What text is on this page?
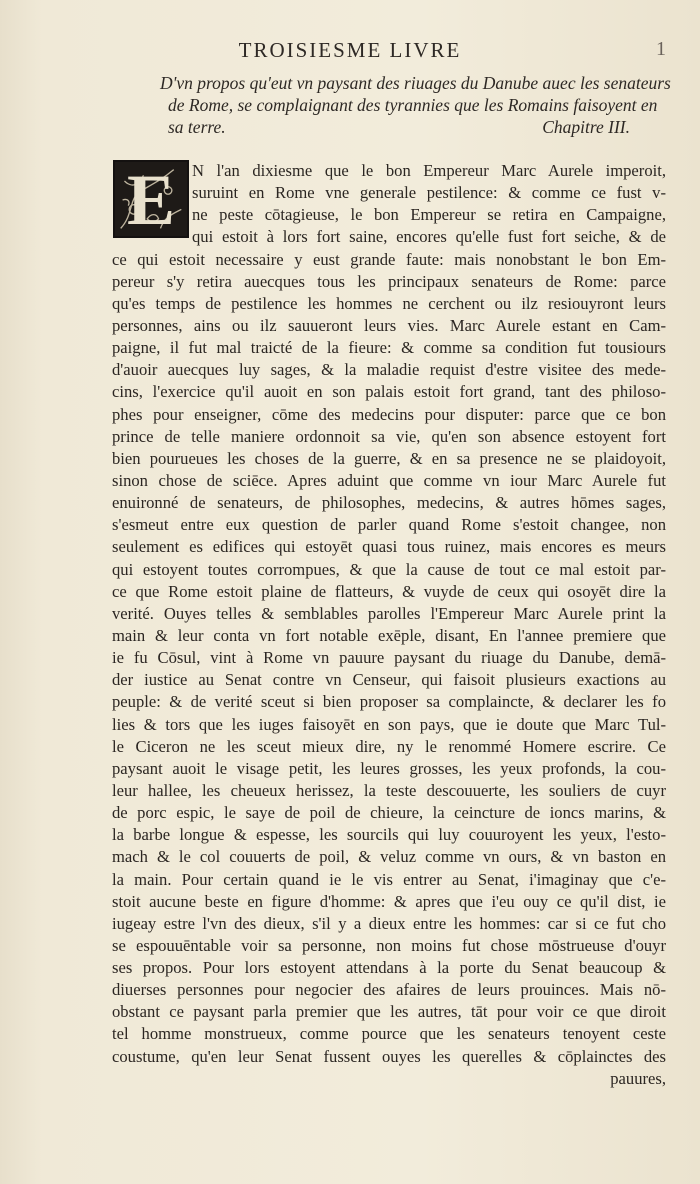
TROISIESME LIVRE	1
D'vn propos qu'eut vn paysant des riuages du Danube auec les senateurs
de Rome, se complaignant des tyrannies que les Romains faisoyent en
sa terre.	Chapitre III.
E	N l'an dixiesme que le bon Empereur Marc Aurele imperoit,
suruint en Rome vne generale pestilence: & comme ce fust v-
ne peste cōtagieuse, le bon Empereur se retira en Campaigne,
qui estoit à lors fort saine, encores qu'elle fust fort seiche, & de
ce qui estoit necessaire y eust grande faute: mais nonobstant le bon Em-
pereur s'y retira auecques tous les principaux senateurs de Rome: parce
qu'es temps de pestilence les hommes ne cerchent ou ilz resiouyront leurs
personnes, ains ou ilz sauueront leurs vies. Marc Aurele estant en Cam-
paigne, il fut mal traicté de la fieure: & comme sa condition fut tousiours
d'auoir auecques luy sages, & la maladie requist d'estre visitee des mede-
cins, l'exercice qu'il auoit en son palais estoit fort grand, tant des philoso-
phes pour enseigner, cōme des medecins pour disputer: parce que ce bon
prince de telle maniere ordonnoit sa vie, qu'en son absence estoyent fort
bien pourueues les choses de la guerre, & en sa presence ne se plaidoyoit,
sinon chose de sciēce. Apres aduint que comme vn iour Marc Aurele fut
enuironné de senateurs, de philosophes, medecins, & autres hōmes sages,
s'esmeut entre eux question de parler quand Rome s'estoit changee, non
seulement es edifices qui estoyēt quasi tous ruinez, mais encores es meurs
qui estoyent toutes corrompues, & que la cause de tout ce mal estoit par-
ce que Rome estoit plaine de flatteurs, & vuyde de ceux qui osoyēt dire la
verité. Ouyes telles & semblables parolles l'Empereur Marc Aurele print la
main & leur conta vn fort notable exēple, disant, En l'annee premiere que
ie fu Cōsul, vint à Rome vn pauure paysant du riuage du Danube, demā-
der iustice au Senat contre vn Censeur, qui faisoit plusieurs exactions au
peuple: & de verité sceut si bien proposer sa complaincte, & declarer les fo
lies & tors que les iuges faisoyēt en son pays, que ie doute que Marc Tul-
le Ciceron ne les sceut mieux dire, ny le renommé Homere escrire. Ce
paysant auoit le visage petit, les leures grosses, les yeux profonds, la cou-
leur hallee, les cheueux herissez, la teste descouuerte, les souliers de cuyr
de porc espic, le saye de poil de chieure, la ceincture de ioncs marins, &
la barbe longue & espesse, les sourcils qui luy couuroyent les yeux, l'esto-
mach & le col couuerts de poil, & veluz comme vn ours, & vn baston en
la main. Pour certain quand ie le vis entrer au Senat, i'imaginay que c'e-
stoit aucune beste en figure d'homme: & apres que i'eu ouy ce qu'il dist, ie
iugeay estre l'vn des dieux, s'il y a dieux entre les hommes: car si ce fut cho
se espouuēntable voir sa personne, non moins fut chose mōstrueuse d'ouyr
ses propos. Pour lors estoyent attendans à la porte du Senat beaucoup &
diuerses personnes pour negocier des afaires de leurs prouinces. Mais nō-
obstant ce paysant parla premier que les autres, tāt pour voir ce que diroit
tel homme monstrueux, comme pource que les senateurs tenoyent ceste
coustume, qu'en leur Senat fussent ouyes les querelles & cōplainctes des
pauures,
